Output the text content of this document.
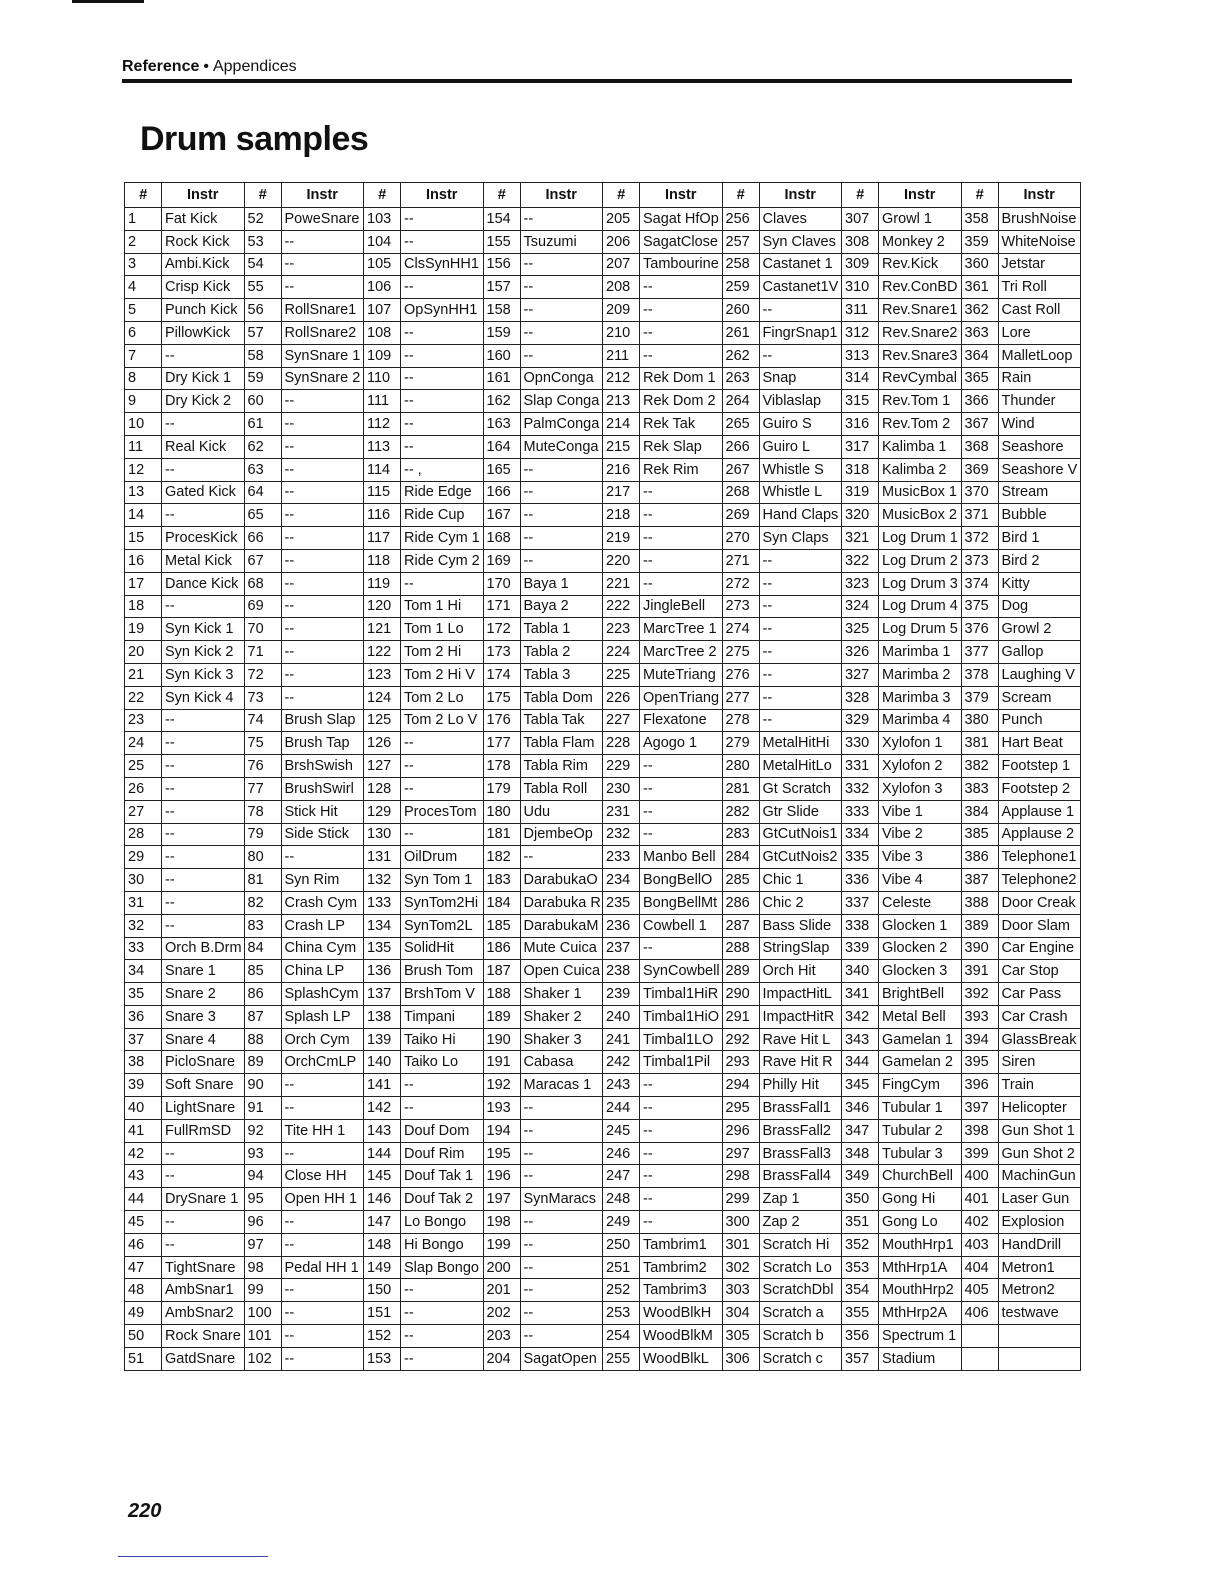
Reference • Appendices
Drum samples
#	Instr	#	Instr	#	Instr	#	Instr	#	Instr	#	Instr	#	Instr	#	Instr
1	Fat Kick	52	PoweSnare	103	--	154	--	205	Sagat HfOp	256	Claves	307	Growl 1	358	BrushNoise
2	Rock Kick	53	--	104	--	155	Tsuzumi	206	SagatClose	257	Syn Claves	308	Monkey 2	359	WhiteNoise
3	Ambi.Kick	54	--	105	ClsSynHH1	156	--	207	Tambourine	258	Castanet 1	309	Rev.Kick	360	Jetstar
4	Crisp Kick	55	--	106	--	157	--	208	--	259	Castanet1V	310	Rev.ConBD	361	Tri Roll
5	Punch Kick	56	RollSnare1	107	OpSynHH1	158	--	209	--	260	--	311	Rev.Snare1	362	Cast Roll
6	PillowKick	57	RollSnare2	108	--	159	--	210	--	261	FingrSnap1	312	Rev.Snare2	363	Lore
7	--	58	SynSnare 1	109	--	160	--	211	--	262	--	313	Rev.Snare3	364	MalletLoop
8	Dry Kick 1	59	SynSnare 2	110	--	161	OpnConga	212	Rek Dom 1	263	Snap	314	RevCymbal	365	Rain
9	Dry Kick 2	60	--	111	--	162	Slap Conga	213	Rek Dom 2	264	Viblaslap	315	Rev.Tom 1	366	Thunder
10	--	61	--	112	--	163	PalmConga	214	Rek Tak	265	Guiro S	316	Rev.Tom 2	367	Wind
11	Real Kick	62	--	113	--	164	MuteConga	215	Rek Slap	266	Guiro L	317	Kalimba 1	368	Seashore
12	--	63	--	114	-- ,	165	--	216	Rek Rim	267	Whistle S	318	Kalimba 2	369	Seashore V
13	Gated Kick	64	--	115	Ride Edge	166	--	217	--	268	Whistle L	319	MusicBox 1	370	Stream
14	--	65	--	116	Ride Cup	167	--	218	--	269	Hand Claps	320	MusicBox 2	371	Bubble
15	ProcesKick	66	--	117	Ride Cym 1	168	--	219	--	270	Syn Claps	321	Log Drum 1	372	Bird 1
16	Metal Kick	67	--	118	Ride Cym 2	169	--	220	--	271	--	322	Log Drum 2	373	Bird 2
17	Dance Kick	68	--	119	--	170	Baya 1	221	--	272	--	323	Log Drum 3	374	Kitty
18	--	69	--	120	Tom 1 Hi	171	Baya 2	222	JingleBell	273	--	324	Log Drum 4	375	Dog
19	Syn Kick 1	70	--	121	Tom 1 Lo	172	Tabla 1	223	MarcTree 1	274	--	325	Log Drum 5	376	Growl 2
20	Syn Kick 2	71	--	122	Tom 2 Hi	173	Tabla 2	224	MarcTree 2	275	--	326	Marimba 1	377	Gallop
21	Syn Kick 3	72	--	123	Tom 2 Hi V	174	Tabla 3	225	MuteTriang	276	--	327	Marimba 2	378	Laughing V
22	Syn Kick 4	73	--	124	Tom 2 Lo	175	Tabla Dom	226	OpenTriang	277	--	328	Marimba 3	379	Scream
23	--	74	Brush Slap	125	Tom 2 Lo V	176	Tabla Tak	227	Flexatone	278	--	329	Marimba 4	380	Punch
24	--	75	Brush Tap	126	--	177	Tabla Flam	228	Agogo 1	279	MetalHitHi	330	Xylofon 1	381	Hart Beat
25	--	76	BrshSwish	127	--	178	Tabla Rim	229	--	280	MetalHitLo	331	Xylofon 2	382	Footstep 1
26	--	77	BrushSwirl	128	--	179	Tabla Roll	230	--	281	Gt Scratch	332	Xylofon 3	383	Footstep 2
27	--	78	Stick Hit	129	ProcesTom	180	Udu	231	--	282	Gtr Slide	333	Vibe 1	384	Applause 1
28	--	79	Side Stick	130	--	181	DjembeOp	232	--	283	GtCutNois1	334	Vibe 2	385	Applause 2
29	--	80	--	131	OilDrum	182	--	233	Manbo Bell	284	GtCutNois2	335	Vibe 3	386	Telephone1
30	--	81	Syn Rim	132	Syn Tom 1	183	DarabukaO	234	BongBellO	285	Chic 1	336	Vibe 4	387	Telephone2
31	--	82	Crash Cym	133	SynTom2Hi	184	Darabuka R	235	BongBellMt	286	Chic 2	337	Celeste	388	Door Creak
32	--	83	Crash LP	134	SynTom2L	185	DarabukaM	236	Cowbell 1	287	Bass Slide	338	Glocken 1	389	Door Slam
33	Orch B.Drm	84	China Cym	135	SolidHit	186	Mute Cuica	237	--	288	StringSlap	339	Glocken 2	390	Car Engine
34	Snare 1	85	China LP	136	Brush Tom	187	Open Cuica	238	SynCowbell	289	Orch Hit	340	Glocken 3	391	Car Stop
35	Snare 2	86	SplashCym	137	BrshTom V	188	Shaker 1	239	Timbal1HiR	290	ImpactHitL	341	BrightBell	392	Car Pass
36	Snare 3	87	Splash LP	138	Timpani	189	Shaker 2	240	Timbal1HiO	291	ImpactHitR	342	Metal Bell	393	Car Crash
37	Snare 4	88	Orch Cym	139	Taiko Hi	190	Shaker 3	241	Timbal1LO	292	Rave Hit L	343	Gamelan 1	394	GlassBreak
38	PicloSnare	89	OrchCmLP	140	Taiko Lo	191	Cabasa	242	Timbal1Pil	293	Rave Hit R	344	Gamelan 2	395	Siren
39	Soft Snare	90	--	141	--	192	Maracas 1	243	--	294	Philly Hit	345	FingCym	396	Train
40	LightSnare	91	--	142	--	193	--	244	--	295	BrassFall1	346	Tubular 1	397	Helicopter
41	FullRmSD	92	Tite HH 1	143	Douf Dom	194	--	245	--	296	BrassFall2	347	Tubular 2	398	Gun Shot 1
42	--	93	--	144	Douf Rim	195	--	246	--	297	BrassFall3	348	Tubular 3	399	Gun Shot 2
43	--	94	Close HH	145	Douf Tak 1	196	--	247	--	298	BrassFall4	349	ChurchBell	400	MachinGun
44	DrySnare 1	95	Open HH 1	146	Douf Tak 2	197	SynMaracs	248	--	299	Zap 1	350	Gong Hi	401	Laser Gun
45	--	96	--	147	Lo Bongo	198	--	249	--	300	Zap 2	351	Gong Lo	402	Explosion
46	--	97	--	148	Hi Bongo	199	--	250	Tambrim1	301	Scratch Hi	352	MouthHrp1	403	HandDrill
47	TightSnare	98	Pedal HH 1	149	Slap Bongo	200	--	251	Tambrim2	302	Scratch Lo	353	MthHrp1A	404	Metron1
48	AmbSnar1	99	--	150	--	201	--	252	Tambrim3	303	ScratchDbl	354	MouthHrp2	405	Metron2
49	AmbSnar2	100	--	151	--	202	--	253	WoodBlkH	304	Scratch a	355	MthHrp2A	406	testwave
50	Rock Snare	101	--	152	--	203	--	254	WoodBlkM	305	Scratch b	356	Spectrum 1		
51	GatdSnare	102	--	153	--	204	SagatOpen	255	WoodBlkL	306	Scratch c	357	Stadium		
220
